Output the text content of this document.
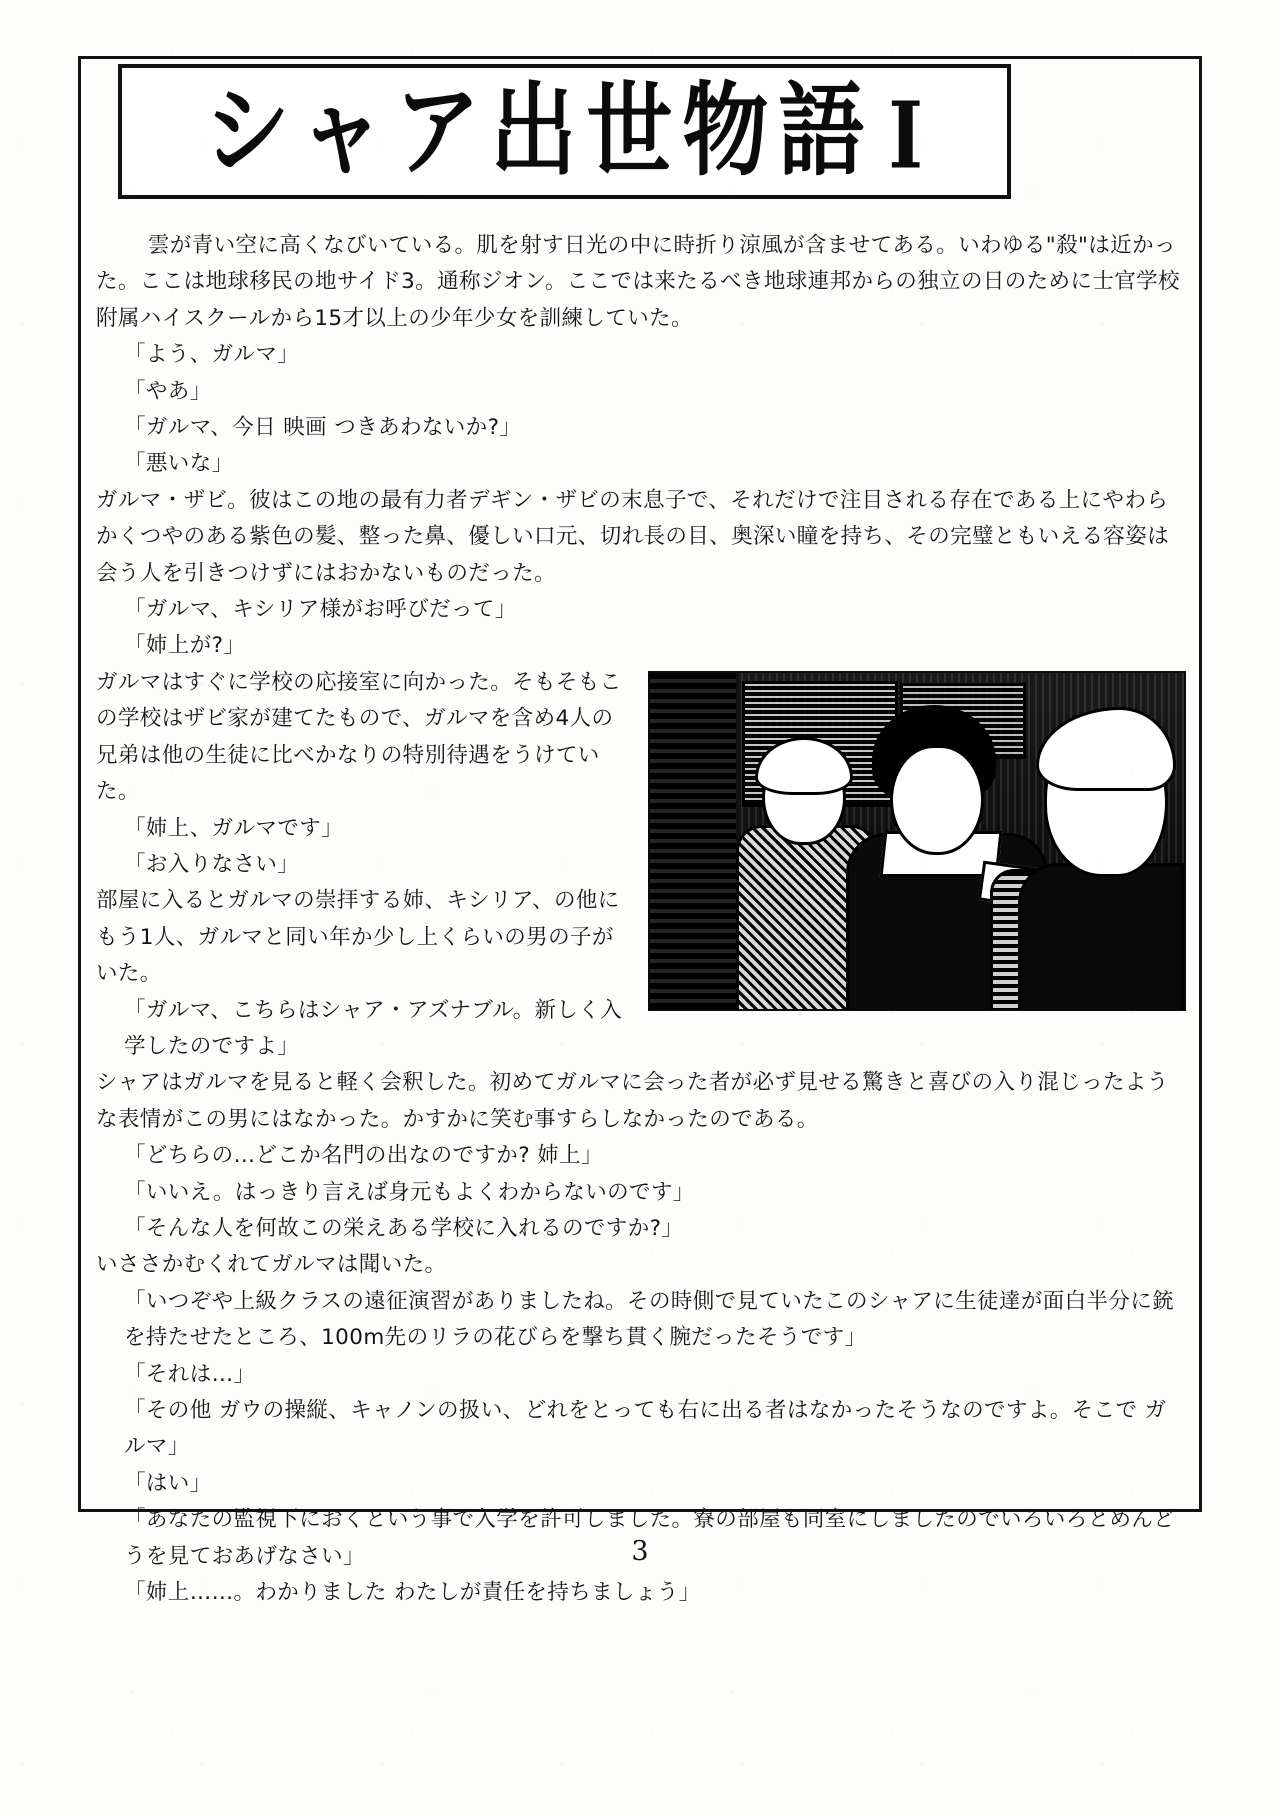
シャア出世物語 I

　雲が青い空に高くなびいている。肌を射す日光の中に時折り涼風が含ませてある。いわゆる"殺"は近かった。ここは地球移民の地サイド3。通称ジオン。ここでは来たるべき地球連邦からの独立の日のために士官学校附属ハイスクールから15才以上の少年少女を訓練していた。

「よう、ガルマ」

「やあ」

「ガルマ、今日 映画 つきあわないか?」

「悪いな」

ガルマ・ザビ。彼はこの地の最有力者デギン・ザビの末息子で、それだけで注目される存在である上にやわらかくつやのある紫色の髪、整った鼻、優しい口元、切れ長の目、奥深い瞳を持ち、その完璧ともいえる容姿は会う人を引きつけずにはおかないものだった。

「ガルマ、キシリア様がお呼びだって」

「姉上が?」

ガルマはすぐに学校の応接室に向かった。そもそもこの学校はザビ家が建てたもので、ガルマを含め4人の兄弟は他の生徒に比べかなりの特別待遇をうけていた。

「姉上、ガルマです」

「お入りなさい」

部屋に入るとガルマの崇拝する姉、キシリア、の他にもう1人、ガルマと同い年か少し上くらいの男の子がいた。

「ガルマ、こちらはシャア・アズナブル。新しく入学したのですよ」

シャアはガルマを見ると軽く会釈した。初めてガルマに会った者が必ず見せる驚きと喜びの入り混じったような表情がこの男にはなかった。かすかに笑む事すらしなかったのである。

「どちらの…どこか名門の出なのですか? 姉上」

「いいえ。はっきり言えば身元もよくわからないのです」

「そんな人を何故この栄えある学校に入れるのですか?」

いささかむくれてガルマは聞いた。

「いつぞや上級クラスの遠征演習がありましたね。その時側で見ていたこのシャアに生徒達が面白半分に銃を持たせたところ、100m先のリラの花びらを撃ち貫く腕だったそうです」

「それは…」

「その他 ガウの操縦、キャノンの扱い、どれをとっても右に出る者はなかったそうなのですよ。そこで ガルマ」

「はい」

「あなたの監視下におくという事で入学を許可しました。寮の部屋も同室にしましたのでいろいろとめんどうを見ておあげなさい」

「姉上……。わかりました わたしが責任を持ちましょう」

3
